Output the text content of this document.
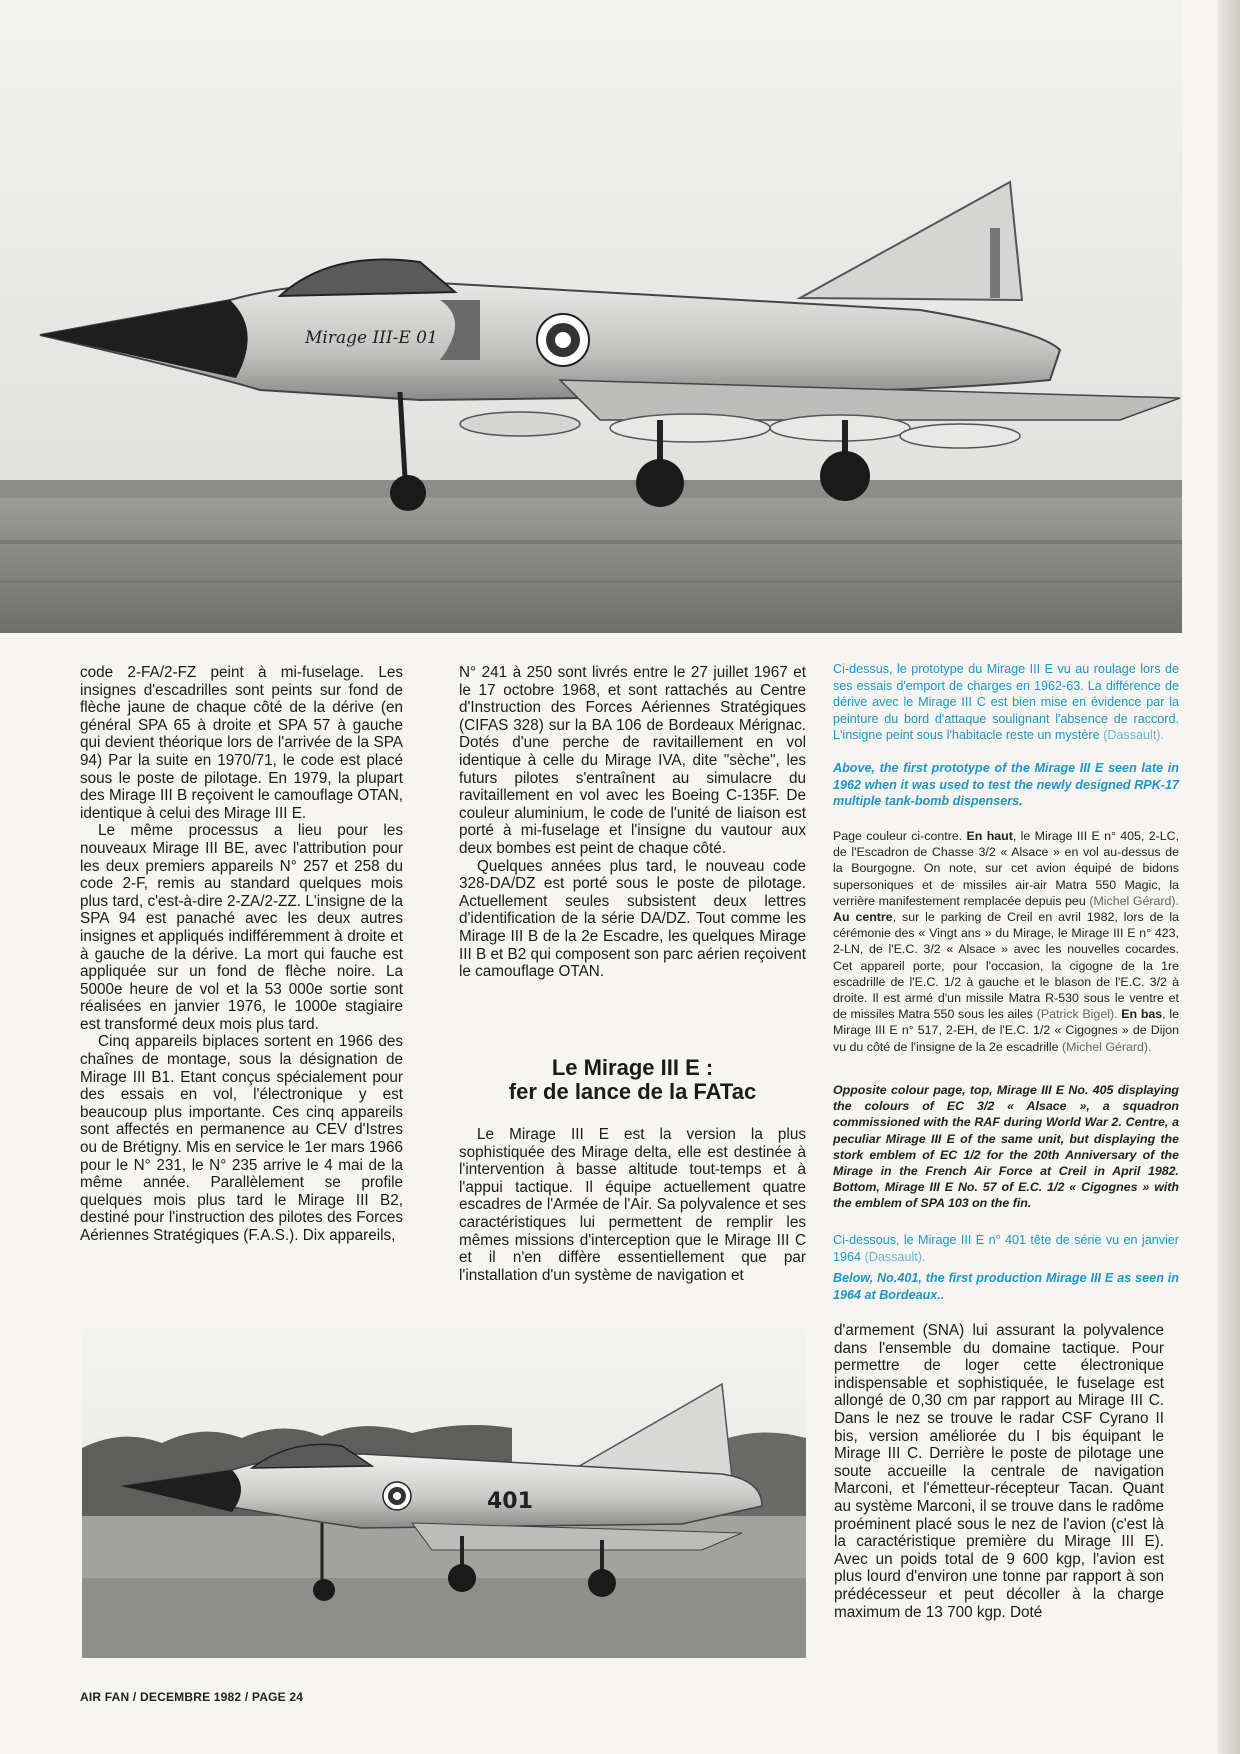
Mirage III-E 01

code 2-FA/2-FZ peint à mi-fuselage. Les insignes d'escadrilles sont peints sur fond de flèche jaune de chaque côté de la dérive (en général SPA 65 à droite et SPA 57 à gauche qui devient théorique lors de l'arrivée de la SPA 94) Par la suite en 1970/71, le code est placé sous le poste de pilotage. En 1979, la plupart des Mirage III B reçoivent le camouflage OTAN, identique à celui des Mirage III E.

Le même processus a lieu pour les nouveaux Mirage III BE, avec l'attribution pour les deux premiers appareils N° 257 et 258 du code 2-F, remis au standard quelques mois plus tard, c'est-à-dire 2-ZA/2-ZZ. L'insigne de la SPA 94 est panaché avec les deux autres insignes et appliqués indifféremment à droite et à gauche de la dérive. La mort qui fauche est appliquée sur un fond de flèche noire. La 5000e heure de vol et la 53 000e sortie sont réalisées en janvier 1976, le 1000e stagiaire est transformé deux mois plus tard.

Cinq appareils biplaces sortent en 1966 des chaînes de montage, sous la désignation de Mirage III B1. Etant conçus spécialement pour des essais en vol, l'électronique y est beaucoup plus importante. Ces cinq appareils sont affectés en permanence au CEV d'Istres ou de Brétigny. Mis en service le 1er mars 1966 pour le N° 231, le N° 235 arrive le 4 mai de la même année. Parallèlement se profile quelques mois plus tard le Mirage III B2, destiné pour l'instruction des pilotes des Forces Aériennes Stratégiques (F.A.S.). Dix appareils,

N° 241 à 250 sont livrés entre le 27 juillet 1967 et le 17 octobre 1968, et sont rattachés au Centre d'Instruction des Forces Aériennes Stratégiques (CIFAS 328) sur la BA 106 de Bordeaux Mérignac. Dotés d'une perche de ravitaillement en vol identique à celle du Mirage IVA, dite "sèche", les futurs pilotes s'entraînent au simulacre du ravitaillement en vol avec les Boeing C-135F. De couleur aluminium, le code de l'unité de liaison est porté à mi-fuselage et l'insigne du vautour aux deux bombes est peint de chaque côté.

Quelques années plus tard, le nouveau code 328-DA/DZ est porté sous le poste de pilotage. Actuellement seules subsistent deux lettres d'identification de la série DA/DZ. Tout comme les Mirage III B de la 2e Escadre, les quelques Mirage III B et B2 qui composent son parc aérien reçoivent le camouflage OTAN.

Le Mirage III E :
fer de lance de la FATac

Le Mirage III E est la version la plus sophistiquée des Mirage delta, elle est destinée à l'intervention à basse altitude tout-temps et à l'appui tactique. Il équipe actuellement quatre escadres de l'Armée de l'Air. Sa polyvalence et ses caractéristiques lui permettent de remplir les mêmes missions d'interception que le Mirage III C et il n'en diffère essentiellement que par l'installation d'un système de navigation et

Ci-dessus, le prototype du Mirage III E vu au roulage lors de ses essais d'emport de charges en 1962-63. La différence de dérive avec le Mirage III C est bien mise en évidence par la peinture du bord d'attaque soulignant l'absence de raccord. L'insigne peint sous l'habitacle reste un mystère (Dassault).
Above, the first prototype of the Mirage III E seen late in 1962 when it was used to test the newly designed RPK-17 multiple tank-bomb dispensers.
Page couleur ci-contre. En haut, le Mirage III E n° 405, 2-LC, de l'Escadron de Chasse 3/2 « Alsace » en vol au-dessus de la Bourgogne. On note, sur cet avion équipé de bidons supersoniques et de missiles air-air Matra 550 Magic, la verrière manifestement remplacée depuis peu (Michel Gérard). Au centre, sur le parking de Creil en avril 1982, lors de la cérémonie des « Vingt ans » du Mirage, le Mirage III E n° 423, 2-LN, de l'E.C. 3/2 « Alsace » avec les nouvelles cocardes. Cet appareil porte, pour l'occasion, la cigogne de la 1re escadrille de l'E.C. 1/2 à gauche et le blason de l'E.C. 3/2 à droite. Il est armé d'un missile Matra R-530 sous le ventre et de missiles Matra 550 sous les ailes (Patrick Bigel). En bas, le Mirage III E n° 517, 2-EH, de l'E.C. 1/2 « Cigognes » de Dijon vu du côté de l'insigne de la 2e escadrille (Michel Gérard).
Opposite colour page, top, Mirage III E No. 405 displaying the colours of EC 3/2 « Alsace », a squadron commissioned with the RAF during World War 2. Centre, a peculiar Mirage III E of the same unit, but displaying the stork emblem of EC 1/2 for the 20th Anniversary of the Mirage in the French Air Force at Creil in April 1982. Bottom, Mirage III E No. 57 of E.C. 1/2 « Cigognes » with the emblem of SPA 103 on the fin.
Ci-dessous, le Mirage III E n° 401 tête de série vu en janvier 1964 (Dassault).
Below, No.401, the first production Mirage III E as seen in 1964 at Bordeaux..
401

d'armement (SNA) lui assurant la polyvalence dans l'ensemble du domaine tactique. Pour permettre de loger cette électronique indispensable et sophistiquée, le fuselage est allongé de 0,30 cm par rapport au Mirage III C. Dans le nez se trouve le radar CSF Cyrano II bis, version améliorée du I bis équipant le Mirage III C. Derrière le poste de pilotage une soute accueille la centrale de navigation Marconi, et l'émetteur-récepteur Tacan. Quant au système Marconi, il se trouve dans le radôme proéminent placé sous le nez de l'avion (c'est là la caractéristique première du Mirage III E). Avec un poids total de 9 600 kgp, l'avion est plus lourd d'environ une tonne par rapport à son prédécesseur et peut décoller à la charge maximum de 13 700 kgp. Doté

AIR FAN / DECEMBRE 1982 / PAGE 24
